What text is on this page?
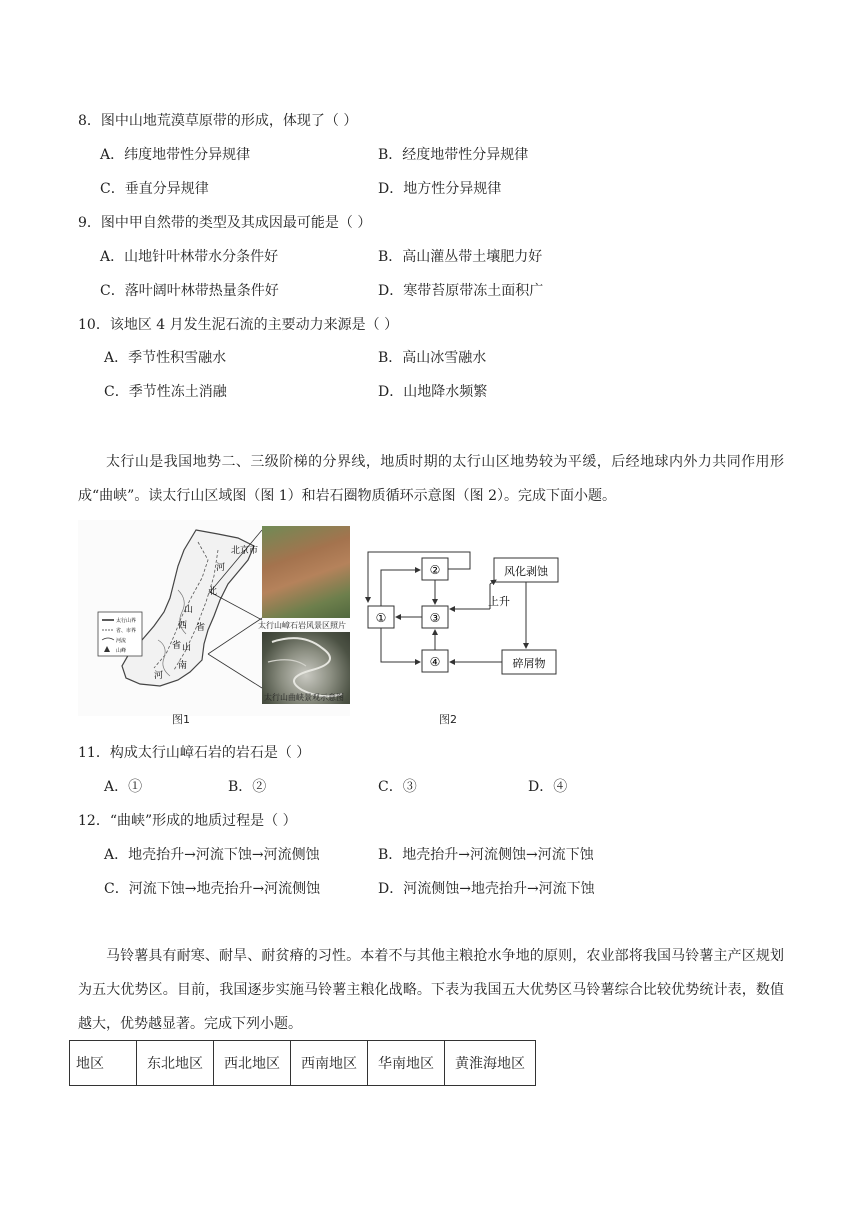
8．图中山地荒漠草原带的形成，体现了（ ）
A．纬度地带性分异规律	B．经度地带性分异规律
C．垂直分异规律	D．地方性分异规律
9．图中甲自然带的类型及其成因最可能是（ ）
A．山地针叶林带水分条件好	B．高山灌丛带土壤肥力好
C．落叶阔叶林带热量条件好	D．寒带苔原带冻土面积广
10．该地区 4 月发生泥石流的主要动力来源是（ ）
A．季节性积雪融水	B．高山冰雪融水
C．季节性冻土消融	D．山地降水频繁
太行山是我国地势二、三级阶梯的分界线，地质时期的太行山区地势较为平缓，后经地球内外力共同作用形成“曲峡”。读太行山区域图（图 1）和岩石圈物质循环示意图（图 2）。完成下面小题。
北京市
河
北
山
西 省
省 山
河
南
太行山界
省、市界
河流
山峰
太行山嶂石岩风景区照片
太行山曲峡景观示意图
图1
①
②
③
④
风化剥蚀
碎屑物
上升
图2
11．构成太行山嶂石岩的岩石是（ ）
A．①	B．②	C．③	D．④
12．“曲峡”形成的地质过程是（ ）
A．地壳抬升→河流下蚀→河流侧蚀	B．地壳抬升→河流侧蚀→河流下蚀
C．河流下蚀→地壳抬升→河流侧蚀	D．河流侧蚀→地壳抬升→河流下蚀
马铃薯具有耐寒、耐旱、耐贫瘠的习性。本着不与其他主粮抢水争地的原则，农业部将我国马铃薯主产区规划为五大优势区。目前，我国逐步实施马铃薯主粮化战略。下表为我国五大优势区马铃薯综合比较优势统计表，数值越大，优势越显著。完成下列小题。
地区	东北地区	西北地区	西南地区	华南地区	黄淮海地区
